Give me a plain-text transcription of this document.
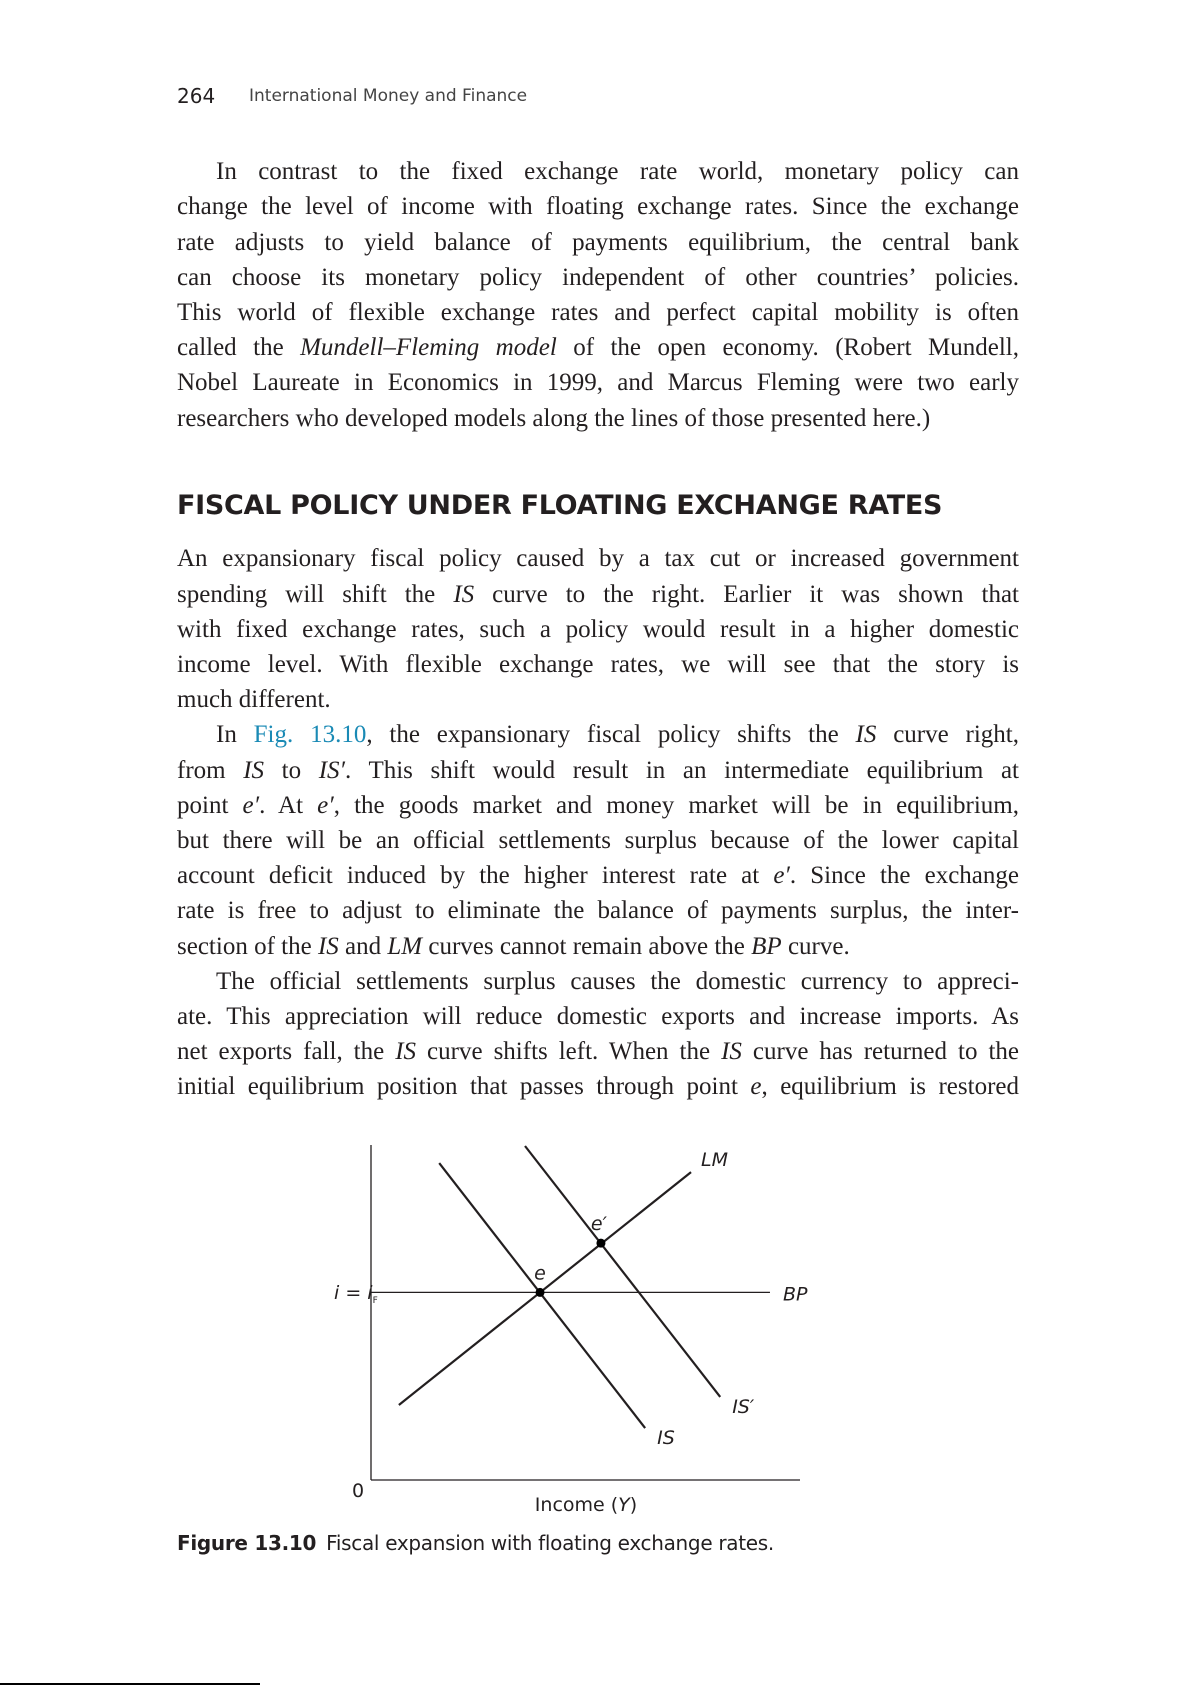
264 International Money and Finance
In contrast to the fixed exchange rate world, monetary policy can
change the level of income with floating exchange rates. Since the exchange
rate adjusts to yield balance of payments equilibrium, the central bank
can choose its monetary policy independent of other countries’ policies.
This world of flexible exchange rates and perfect capital mobility is often
called the Mundell–Fleming model of the open economy. (Robert Mundell,
Nobel Laureate in Economics in 1999, and Marcus Fleming were two early
researchers who developed models along the lines of those presented here.)
An expansionary fiscal policy caused by a tax cut or increased government
spending will shift the IS curve to the right. Earlier it was shown that
with fixed exchange rates, such a policy would result in a higher domestic
income level. With flexible exchange rates, we will see that the story is
much different.
In Fig. 13.10, the expansionary fiscal policy shifts the IS curve right,
from IS to IS′. This shift would result in an intermediate equilibrium at
point e′. At e′, the goods market and money market will be in equilibrium,
but there will be an official settlements surplus because of the lower capital
account deficit induced by the higher interest rate at e′. Since the exchange
rate is free to adjust to eliminate the balance of payments surplus, the inter-
section of the IS and LM curves cannot remain above the BP curve.
The official settlements surplus causes the domestic currency to appreci-
ate. This appreciation will reduce domestic exports and increase imports. As
net exports fall, the IS curve shifts left. When the IS curve has returned to the
initial equilibrium position that passes through point e, equilibrium is restored
FISCAL POLICY UNDER FLOATING EXCHANGE RATES
$i = i_F$
0
Income (Y)
LM
IS
IS′
BP
e
e′
Figure 13.10 Fiscal expansion with floating exchange rates.
